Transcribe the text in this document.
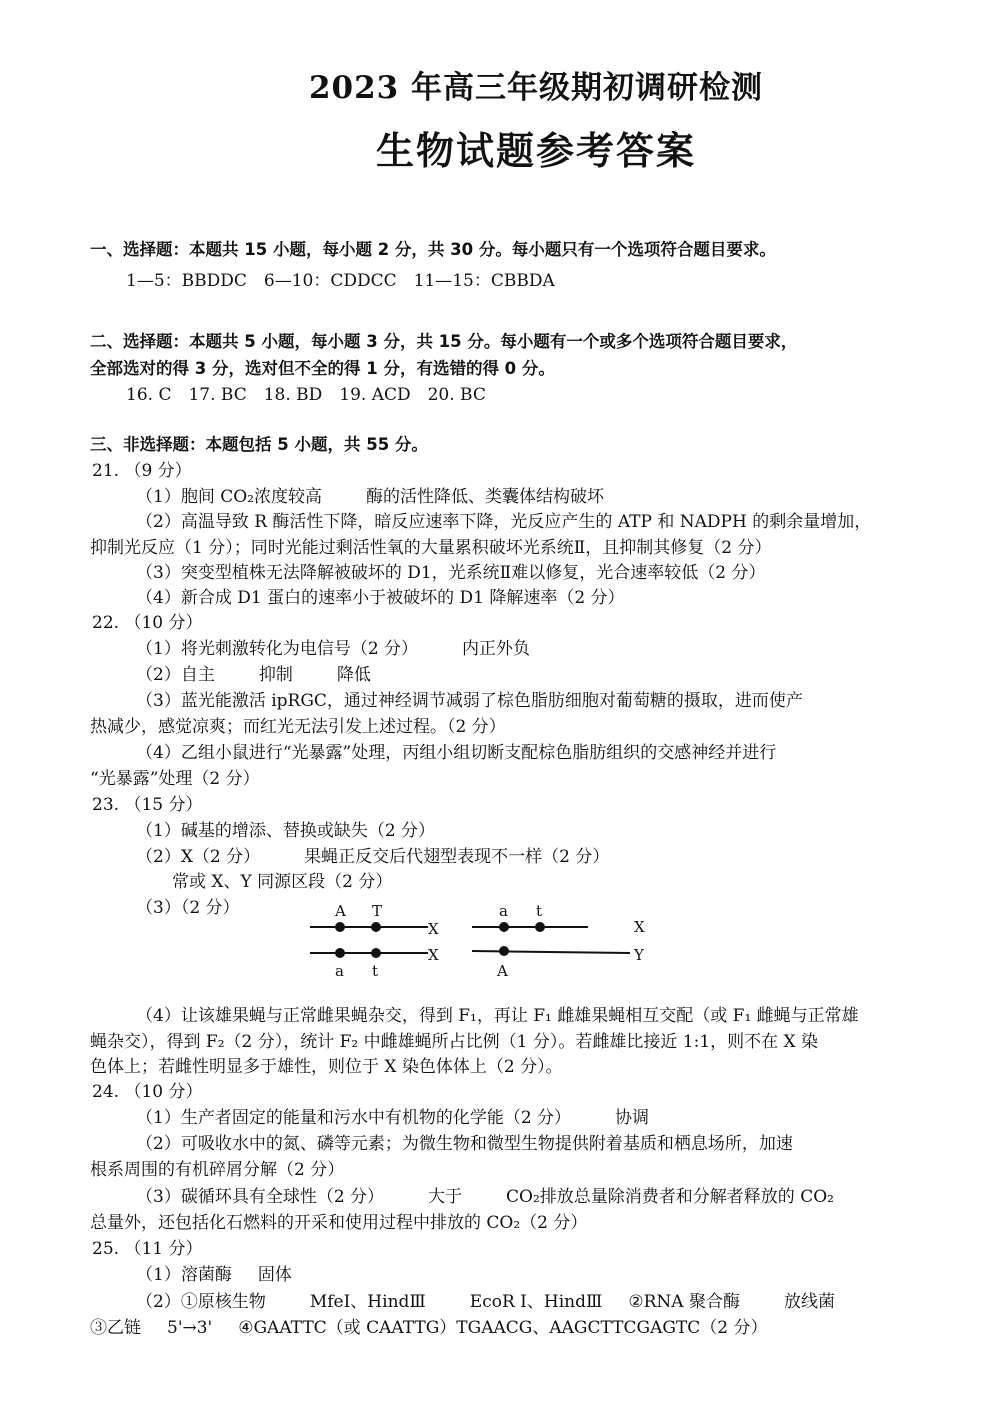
2023 年高三年级期初调研检测
生物试题参考答案
一、选择题：本题共 15 小题，每小题 2 分，共 30 分。每小题只有一个选项符合题目要求。
1—5：BBDDC　6—10：CDDCC　11—15：CBBDA
二、选择题：本题共 5 小题，每小题 3 分，共 15 分。每小题有一个或多个选项符合题目要求，
全部选对的得 3 分，选对但不全的得 1 分，有选错的得 0 分。
16. C　17. BC　18. BD　19. ACD　20. BC
三、非选择题：本题包括 5 小题，共 55 分。
21. （9 分）
（1）胞间 CO₂浓度较高	酶的活性降低、类囊体结构破坏
（2）高温导致 R 酶活性下降，暗反应速率下降，光反应产生的 ATP 和 NADPH 的剩余量增加，
抑制光反应（1 分）；同时光能过剩活性氧的大量累积破坏光系统Ⅱ，且抑制其修复（2 分）
（3）突变型植株无法降解被破坏的 D1，光系统Ⅱ难以修复，光合速率较低（2 分）
（4）新合成 D1 蛋白的速率小于被破坏的 D1 降解速率（2 分）
22. （10 分）
（1）将光刺激转化为电信号（2 分）	内正外负
（2）自主	抑制	降低
（3）蓝光能激活 ipRGC，通过神经调节减弱了棕色脂肪细胞对葡萄糖的摄取，进而使产
热减少，感觉凉爽；而红光无法引发上述过程。（2 分）
（4）乙组小鼠进行“光暴露”处理，丙组小组切断支配棕色脂肪组织的交感神经并进行
“光暴露”处理（2 分）
23. （15 分）
（1）碱基的增添、替换或缺失（2 分）
（2）X（2 分）	果蝇正反交后代翅型表现不一样（2 分）
常或 X、Y 同源区段（2 分）
（3）（2 分）	A T
X
a t
X
a t
X
A
Y
（4）让该雄果蝇与正常雌果蝇杂交，得到 F₁，再让 F₁ 雌雄果蝇相互交配（或 F₁ 雌蝇与正常雄
蝇杂交），得到 F₂（2 分），统计 F₂ 中雌雄蝇所占比例（1 分）。若雌雄比接近 1:1，则不在 X 染
色体上；若雌性明显多于雄性，则位于 X 染色体体上（2 分）。
24. （10 分）
（1）生产者固定的能量和污水中有机物的化学能（2 分）	协调
（2）可吸收水中的氮、磷等元素；为微生物和微型生物提供附着基质和栖息场所，加速
根系周围的有机碎屑分解（2 分）
（3）碳循环具有全球性（2 分）	大于	CO₂排放总量除消费者和分解者释放的 CO₂
总量外，还包括化石燃料的开采和使用过程中排放的 CO₂（2 分）
25. （11 分）
（1）溶菌酶 固体
（2）①原核生物	MfeI、HindⅢ	EcoR I、HindⅢ ②RNA 聚合酶	放线菌
③乙链 5'→3' ④GAATTC（或 CAATTG）TGAACG、AAGCTTCGAGTC（2 分）
